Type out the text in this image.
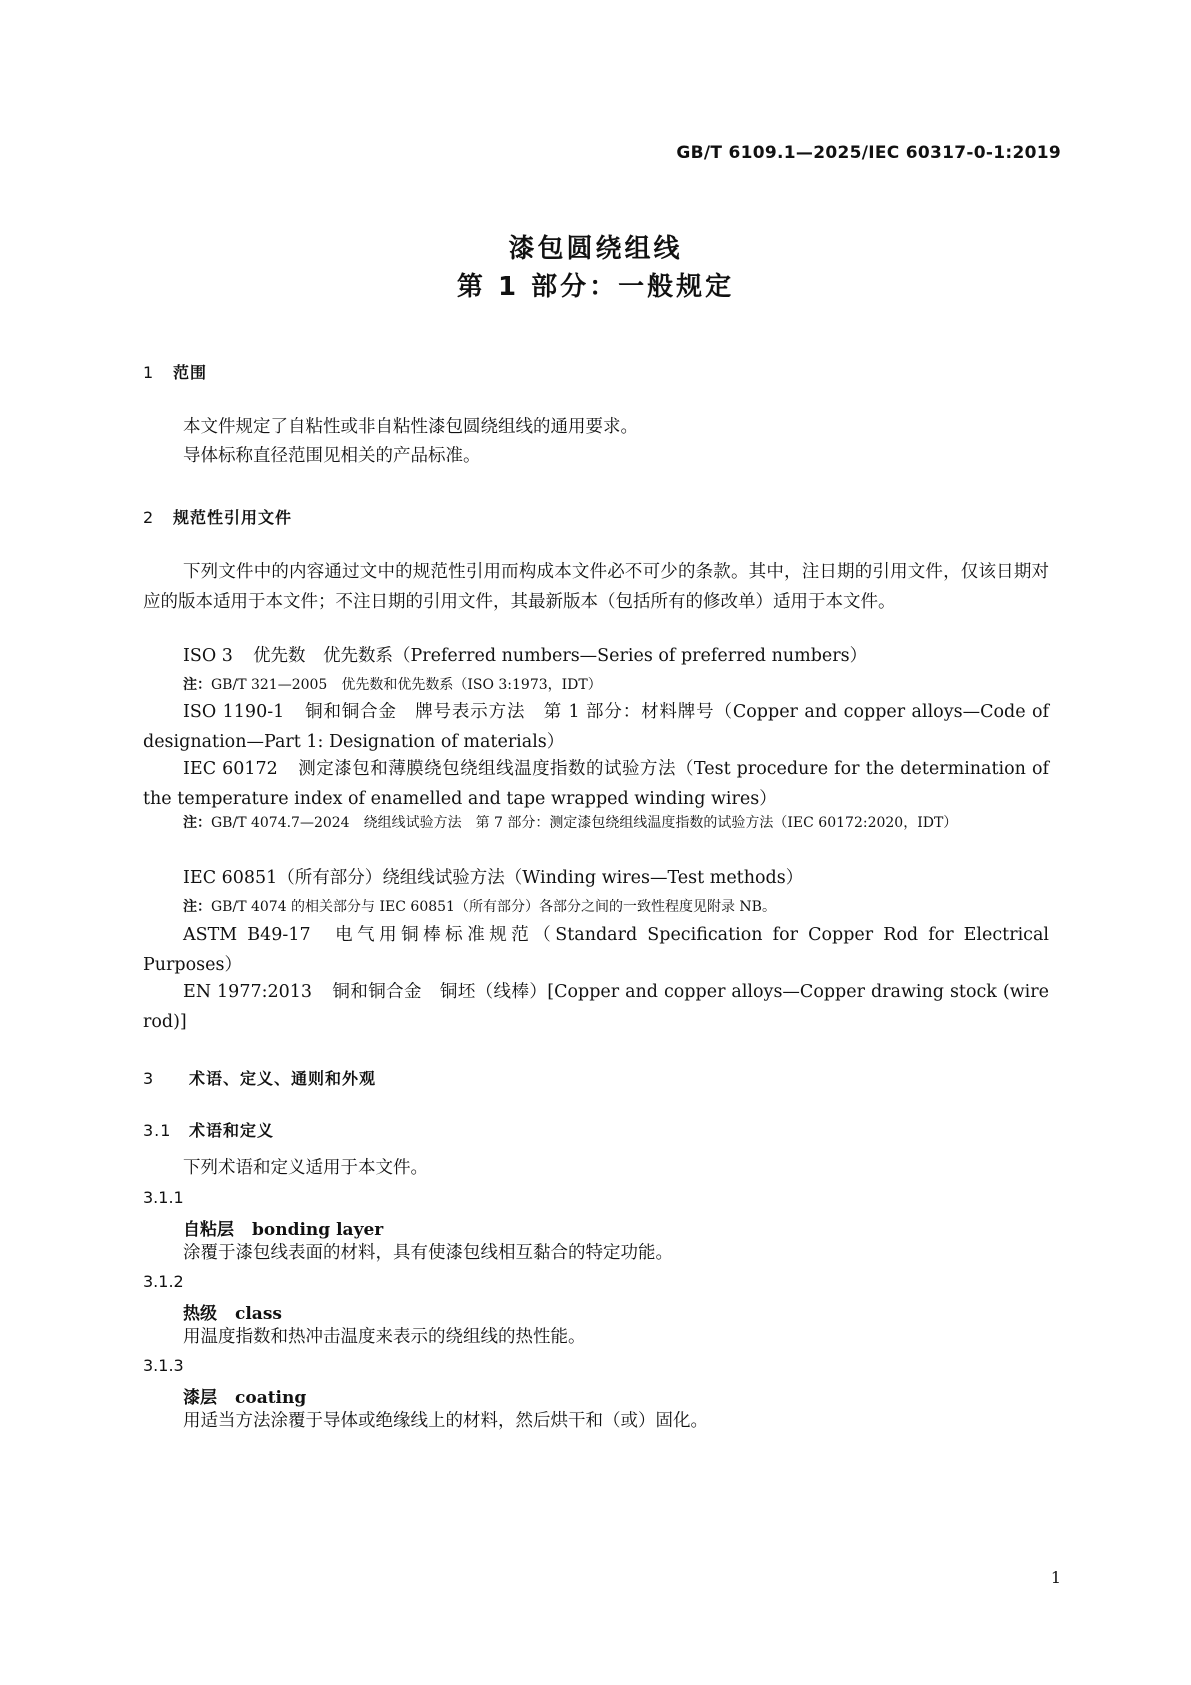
GB/T 6109.1—2025/IEC 60317-0-1:2019
漆包圆绕组线
第 1 部分：一般规定
1 范围
本文件规定了自粘性或非自粘性漆包圆绕组线的通用要求。
导体标称直径范围见相关的产品标准。
2 规范性引用文件
下列文件中的内容通过文中的规范性引用而构成本文件必不可少的条款。其中，注日期的引用文件，仅该日期对应的版本适用于本文件；不注日期的引用文件，其最新版本（包括所有的修改单）适用于本文件。
ISO 3 优先数　优先数系（Preferred numbers—Series of preferred numbers）
注：GB/T 321—2005　优先数和优先数系（ISO 3:1973，IDT）
ISO 1190-1 铜和铜合金　牌号表示方法　第 1 部分：材料牌号（Copper and copper alloys—Code of designation—Part 1: Designation of materials）
IEC 60172 测定漆包和薄膜绕包绕组线温度指数的试验方法（Test procedure for the determination of the temperature index of enamelled and tape wrapped winding wires）
注：GB/T 4074.7—2024　绕组线试验方法　第 7 部分：测定漆包绕组线温度指数的试验方法（IEC 60172:2020，IDT）
IEC 60851（所有部分）绕组线试验方法（Winding wires—Test methods）
注：GB/T 4074 的相关部分与 IEC 60851（所有部分）各部分之间的一致性程度见附录 NB。
ASTM B49-17 电气用铜棒标准规范（Standard Specification for Copper Rod for Electrical Purposes）
EN 1977:2013 铜和铜合金　铜坯（线棒）[Copper and copper alloys—Copper drawing stock (wire rod)]
3 术语、定义、通则和外观
3.1 术语和定义
下列术语和定义适用于本文件。
3.1.1
自粘层 bonding layer
涂覆于漆包线表面的材料，具有使漆包线相互黏合的特定功能。
3.1.2
热级 class
用温度指数和热冲击温度来表示的绕组线的热性能。
3.1.3
漆层 coating
用适当方法涂覆于导体或绝缘线上的材料，然后烘干和（或）固化。
1
